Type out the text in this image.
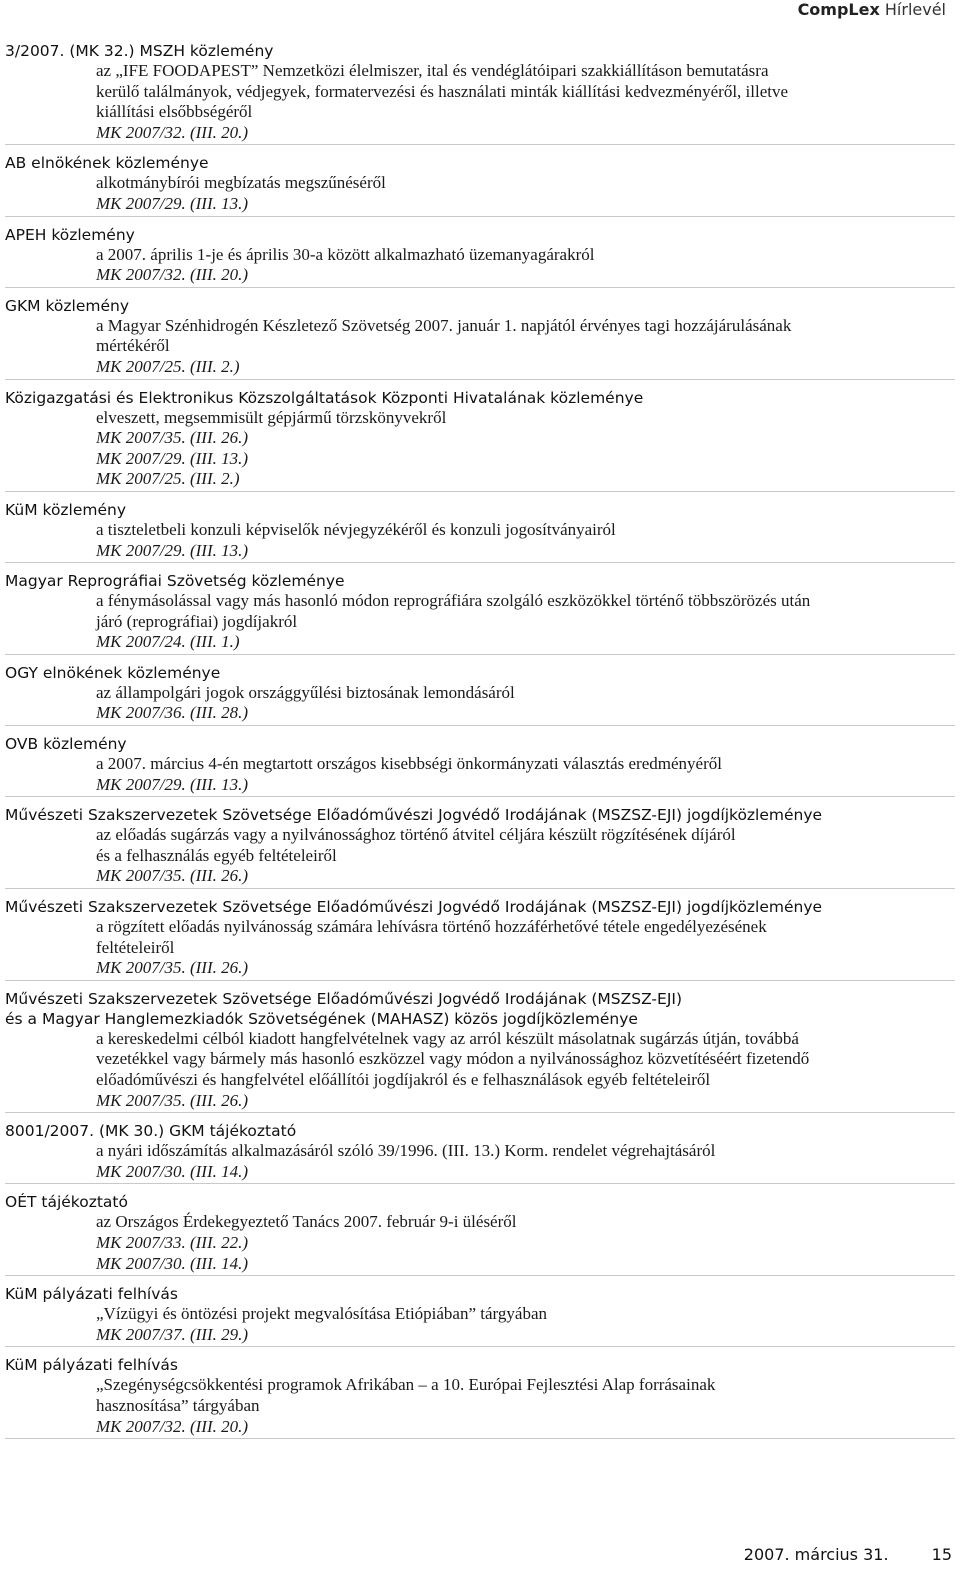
CompLex Hírlevél
3/2007. (MK 32.) MSZH közlemény
az „IFE FOODAPEST” Nemzetközi élelmiszer, ital és vendéglátóipari szakkiállításon bemutatásra
kerülő találmányok, védjegyek, formatervezési és használati minták kiállítási kedvezményéről, illetve
kiállítási elsőbbségéről
MK 2007/32. (III. 20.)
AB elnökének közleménye
alkotmánybírói megbízatás megszűnéséről
MK 2007/29. (III. 13.)
APEH közlemény
a 2007. április 1-je és április 30-a között alkalmazható üzemanyagárakról
MK 2007/32. (III. 20.)
GKM közlemény
a Magyar Szénhidrogén Készletező Szövetség 2007. január 1. napjától érvényes tagi hozzájárulásának
mértékéről
MK 2007/25. (III. 2.)
Közigazgatási és Elektronikus Közszolgáltatások Központi Hivatalának közleménye
elveszett, megsemmisült gépjármű törzskönyvekről
MK 2007/35. (III. 26.)
MK 2007/29. (III. 13.)
MK 2007/25. (III. 2.)
KüM közlemény
a tiszteletbeli konzuli képviselők névjegyzékéről és konzuli jogosítványairól
MK 2007/29. (III. 13.)
Magyar Reprográfiai Szövetség közleménye
a fénymásolással vagy más hasonló módon reprográfiára szolgáló eszközökkel történő többszörözés után
járó (reprográfiai) jogdíjakról
MK 2007/24. (III. 1.)
OGY elnökének közleménye
az állampolgári jogok országgyűlési biztosának lemondásáról
MK 2007/36. (III. 28.)
OVB közlemény
a 2007. március 4-én megtartott országos kisebbségi önkormányzati választás eredményéről
MK 2007/29. (III. 13.)
Művészeti Szakszervezetek Szövetsége Előadóművészi Jogvédő Irodájának (MSZSZ-EJI) jogdíjközleménye
az előadás sugárzás vagy a nyilvánossághoz történő átvitel céljára készült rögzítésének díjáról
és a felhasználás egyéb feltételeiről
MK 2007/35. (III. 26.)
Művészeti Szakszervezetek Szövetsége Előadóművészi Jogvédő Irodájának (MSZSZ-EJI) jogdíjközleménye
a rögzített előadás nyilvánosság számára lehívásra történő hozzáférhetővé tétele engedélyezésének
feltételeiről
MK 2007/35. (III. 26.)
Művészeti Szakszervezetek Szövetsége Előadóművészi Jogvédő Irodájának (MSZSZ-EJI)
és a Magyar Hanglemezkiadók Szövetségének (MAHASZ) közös jogdíjközleménye
a kereskedelmi célból kiadott hangfelvételnek vagy az arról készült másolatnak sugárzás útján, továbbá
vezetékkel vagy bármely más hasonló eszközzel vagy módon a nyilvánossághoz közvetítéséért fizetendő
előadóművészi és hangfelvétel előállítói jogdíjakról és e felhasználások egyéb feltételeiről
MK 2007/35. (III. 26.)
8001/2007. (MK 30.) GKM tájékoztató
a nyári időszámítás alkalmazásáról szóló 39/1996. (III. 13.) Korm. rendelet végrehajtásáról
MK 2007/30. (III. 14.)
OÉT tájékoztató
az Országos Érdekegyeztető Tanács 2007. február 9-i üléséről
MK 2007/33. (III. 22.)
MK 2007/30. (III. 14.)
KüM pályázati felhívás
„Vízügyi és öntözési projekt megvalósítása Etiópiában” tárgyában
MK 2007/37. (III. 29.)
KüM pályázati felhívás
„Szegénységcsökkentési programok Afrikában – a 10. Európai Fejlesztési Alap forrásainak
hasznosítása” tárgyában
MK 2007/32. (III. 20.)
2007. március 31.	15
